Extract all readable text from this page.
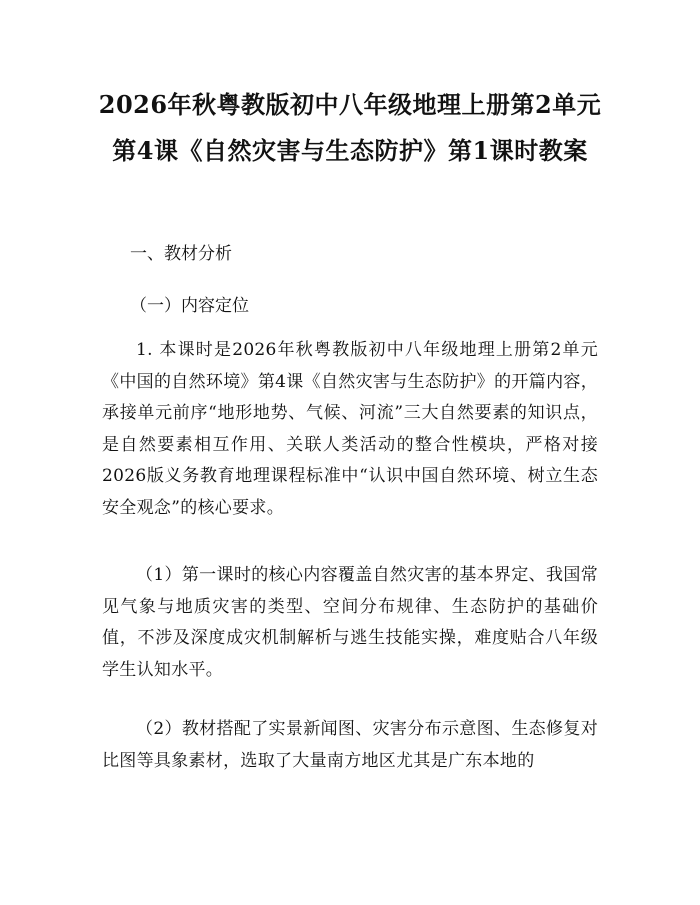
2026年秋粤教版初中八年级地理上册第2单元第4课《自然灾害与生态防护》第1课时教案
一、教材分析
（一）内容定位
1. 本课时是2026年秋粤教版初中八年级地理上册第2单元《中国的自然环境》第4课《自然灾害与生态防护》的开篇内容，承接单元前序“地形地势、气候、河流”三大自然要素的知识点，是自然要素相互作用、关联人类活动的整合性模块，严格对接2026版义务教育地理课程标准中“认识中国自然环境、树立生态安全观念”的核心要求。
（1）第一课时的核心内容覆盖自然灾害的基本界定、我国常见气象与地质灾害的类型、空间分布规律、生态防护的基础价值，不涉及深度成灾机制解析与逃生技能实操，难度贴合八年级学生认知水平。
（2）教材搭配了实景新闻图、灾害分布示意图、生态修复对比图等具象素材，选取了大量南方地区尤其是广东本地的
